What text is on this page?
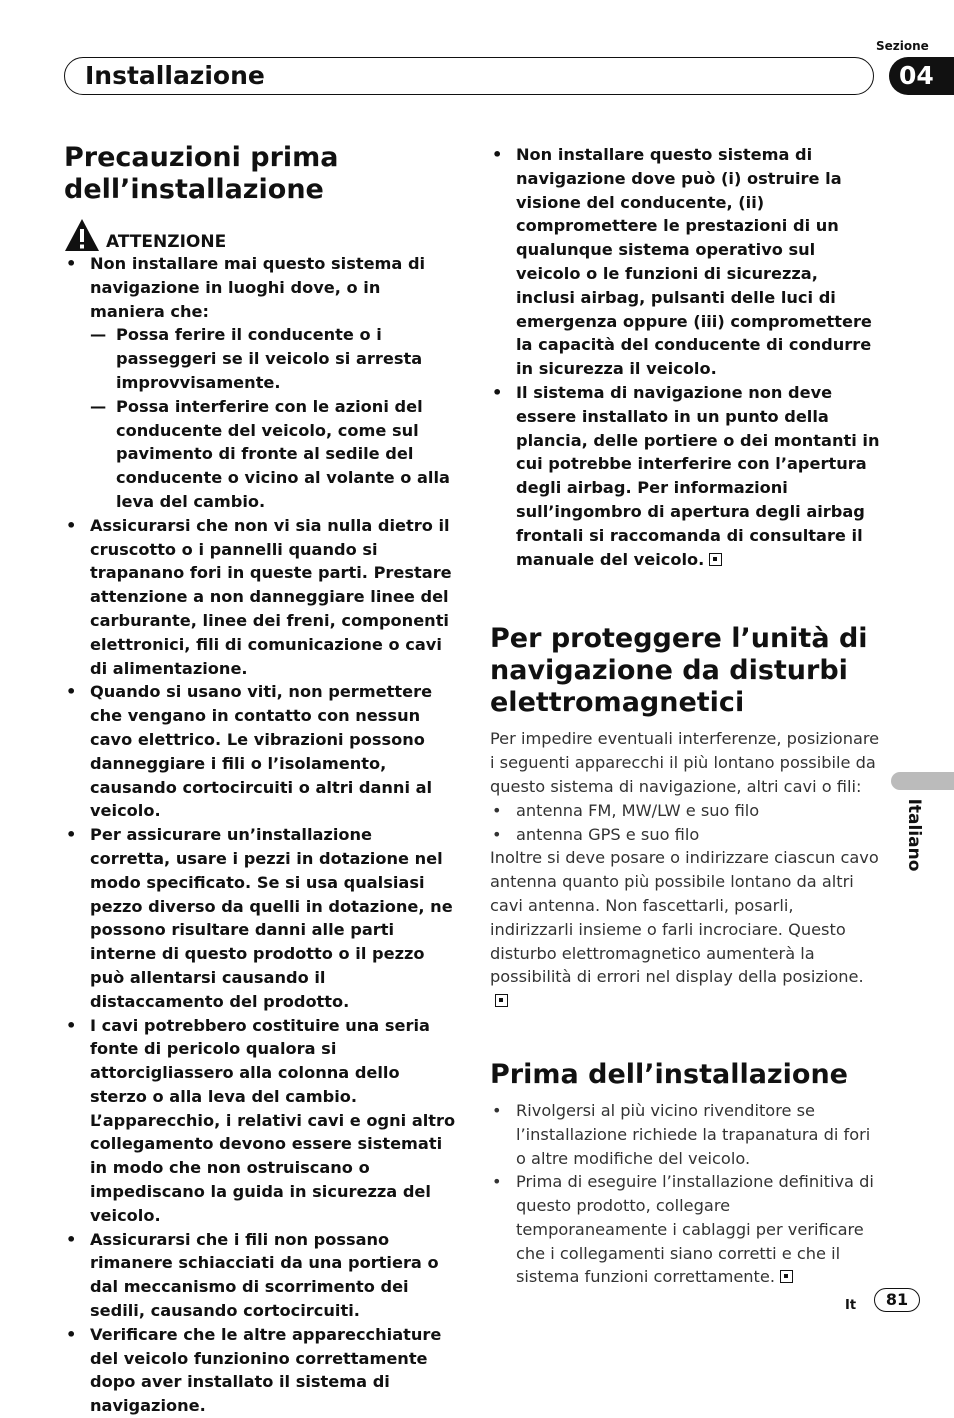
Sezione
Installazione	04
Precauzioni prima dell’installazione
ATTENZIONE
• Non installare mai questo sistema di navigazione in luoghi dove, o in maniera che:
— Possa ferire il conducente o i passeggeri se il veicolo si arresta improvvisamente.
— Possa interferire con le azioni del conducente del veicolo, come sul pavimento di fronte al sedile del conducente o vicino al volante o alla leva del cambio.
• Assicurarsi che non vi sia nulla dietro il cruscotto o i pannelli quando si trapanano fori in queste parti. Prestare attenzione a non danneggiare linee del carburante, linee dei freni, componenti elettronici, fili di comunicazione o cavi di alimentazione.
• Quando si usano viti, non permettere che vengano in contatto con nessun cavo elettrico. Le vibrazioni possono danneggiare i fili o l’isolamento, causando cortocircuiti o altri danni al veicolo.
• Per assicurare un’installazione corretta, usare i pezzi in dotazione nel modo specificato. Se si usa qualsiasi pezzo diverso da quelli in dotazione, ne possono risultare danni alle parti interne di questo prodotto o il pezzo può allentarsi causando il distaccamento del prodotto.
• I cavi potrebbero costituire una seria fonte di pericolo qualora si attorcigliassero alla colonna dello sterzo o alla leva del cambio. L’apparecchio, i relativi cavi e ogni altro collegamento devono essere sistemati in modo che non ostruiscano o impediscano la guida in sicurezza del veicolo.
• Assicurarsi che i fili non possano rimanere schiacciati da una portiera o dal meccanismo di scorrimento dei sedili, causando cortocircuiti.
• Verificare che le altre apparecchiature del veicolo funzionino correttamente dopo aver installato il sistema di navigazione.
• Non installare questo sistema di navigazione dove può (i) ostruire la visione del conducente, (ii) compromettere le prestazioni di un qualunque sistema operativo sul veicolo o le funzioni di sicurezza, inclusi airbag, pulsanti delle luci di emergenza oppure (iii) compromettere la capacità del conducente di condurre in sicurezza il veicolo.
• Il sistema di navigazione non deve essere installato in un punto della plancia, delle portiere o dei montanti in cui potrebbe interferire con l’apertura degli airbag. Per informazioni sull’ingombro di apertura degli airbag frontali si raccomanda di consultare il manuale del veicolo.
Per proteggere l’unità di navigazione da disturbi elettromagnetici
Per impedire eventuali interferenze, posizionare i seguenti apparecchi il più lontano possibile da questo sistema di navigazione, altri cavi o fili:
• antenna FM, MW/LW e suo filo
• antenna GPS e suo filo
Inoltre si deve posare o indirizzare ciascun cavo antenna quanto più possibile lontano da altri cavi antenna. Non fascettarli, posarli, indirizzarli insieme o farli incrociare. Questo disturbo elettromagnetico aumenterà la possibilità di errori nel display della posizione.
Prima dell’installazione
• Rivolgersi al più vicino rivenditore se l’installazione richiede la trapanatura di fori o altre modifiche del veicolo.
• Prima di eseguire l’installazione definitiva di questo prodotto, collegare temporaneamente i cablaggi per verificare che i collegamenti siano corretti e che il sistema funzioni correttamente.
Italiano
It	81
